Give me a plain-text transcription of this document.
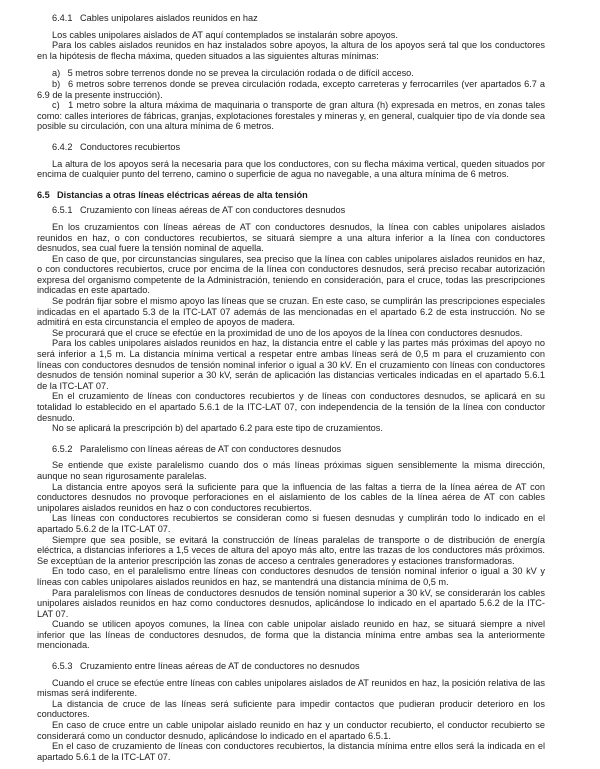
6.4.1 Cables unipolares aislados reunidos en haz

Los cables unipolares aislados de AT aquí contemplados se instalarán sobre apoyos.

Para los cables aislados reunidos en haz instalados sobre apoyos, la altura de los apoyos será tal que los conductores en la hipótesis de flecha máxima, queden situados a las siguientes alturas mínimas:

a) 5 metros sobre terrenos donde no se prevea la circulación rodada o de difícil acceso.

b) 6 metros sobre terrenos donde se prevea circulación rodada, excepto carreteras y ferrocarriles (ver apartados 6.7 a 6.9 de la presente instrucción).

c) 1 metro sobre la altura máxima de maquinaria o transporte de gran altura (h) expresada en metros, en zonas tales como: calles interiores de fábricas, granjas, explotaciones forestales y mineras y, en general, cualquier tipo de vía donde sea posible su circulación, con una altura mínima de 6 metros.

6.4.2 Conductores recubiertos

La altura de los apoyos será la necesaria para que los conductores, con su flecha máxima vertical, queden situados por encima de cualquier punto del terreno, camino o superficie de agua no navegable, a una altura mínima de 6 metros.

6.5 Distancias a otras líneas eléctricas aéreas de alta tensión
6.5.1 Cruzamiento con líneas aéreas de AT con conductores desnudos

En los cruzamientos con líneas aéreas de AT con conductores desnudos, la línea con cables unipolares aislados reunidos en haz, o con conductores recubiertos, se situará siempre a una altura inferior a la línea con conductores desnudos, sea cual fuere la tensión nominal de aquella.

En caso de que, por circunstancias singulares, sea preciso que la línea con cables unipolares aislados reunidos en haz, o con conductores recubiertos, cruce por encima de la línea con conductores desnudos, será preciso recabar autorización expresa del organismo competente de la Administración, teniendo en consideración, para el cruce, todas las prescripciones indicadas en este apartado.

Se podrán fijar sobre el mismo apoyo las líneas que se cruzan. En este caso, se cumplirán las prescripciones especiales indicadas en el apartado 5.3 de la ITC-LAT 07 además de las mencionadas en el apartado 6.2 de esta instrucción. No se admitirá en esta circunstancia el empleo de apoyos de madera.

Se procurará que el cruce se efectúe en la proximidad de uno de los apoyos de la línea con conductores desnudos.

Para los cables unipolares aislados reunidos en haz, la distancia entre el cable y las partes más próximas del apoyo no será inferior a 1,5 m. La distancia mínima vertical a respetar entre ambas líneas será de 0,5 m para el cruzamiento con líneas con conductores desnudos de tensión nominal inferior o igual a 30 kV. En el cruzamiento con líneas con conductores desnudos de tensión nominal superior a 30 kV, serán de aplicación las distancias verticales indicadas en el apartado 5.6.1 de la ITC-LAT 07.

En el cruzamiento de líneas con conductores recubiertos y de líneas con conductores desnudos, se aplicará en su totalidad lo establecido en el apartado 5.6.1 de la ITC-LAT 07, con independencia de la tensión de la línea con conductor desnudo.

No se aplicará la prescripción b) del apartado 6.2 para este tipo de cruzamientos.

6.5.2 Paralelismo con líneas aéreas de AT con conductores desnudos

Se entiende que existe paralelismo cuando dos o más líneas próximas siguen sensiblemente la misma dirección, aunque no sean rigurosamente paralelas.

La distancia entre apoyos será la suficiente para que la influencia de las faltas a tierra de la línea aérea de AT con conductores desnudos no provoque perforaciones en el aislamiento de los cables de la línea aérea de AT con cables unipolares aislados reunidos en haz o con conductores recubiertos.

Las líneas con conductores recubiertos se consideran como si fuesen desnudas y cumplirán todo lo indicado en el apartado 5.6.2 de la ITC-LAT 07.

Siempre que sea posible, se evitará la construcción de líneas paralelas de transporte o de distribución de energía eléctrica, a distancias inferiores a 1,5 veces de altura del apoyo más alto, entre las trazas de los conductores más próximos. Se exceptúan de la anterior prescripción las zonas de acceso a centrales generadores y estaciones transformadoras.

En todo caso, en el paralelismo entre líneas con conductores desnudos de tensión nominal inferior o igual a 30 kV y líneas con cables unipolares aislados reunidos en haz, se mantendrá una distancia mínima de 0,5 m.

Para paralelismos con líneas de conductores desnudos de tensión nominal superior a 30 kV, se considerarán los cables unipolares aislados reunidos en haz como conductores desnudos, aplicándose lo indicado en el apartado 5.6.2 de la ITC-LAT 07.

Cuando se utilicen apoyos comunes, la línea con cable unipolar aislado reunido en haz, se situará siempre a nivel inferior que las líneas de conductores desnudos, de forma que la distancia mínima entre ambas sea la anteriormente mencionada.

6.5.3 Cruzamiento entre líneas aéreas de AT de conductores no desnudos

Cuando el cruce se efectúe entre líneas con cables unipolares aislados de AT reunidos en haz, la posición relativa de las mismas será indiferente.

La distancia de cruce de las líneas será suficiente para impedir contactos que pudieran producir deterioro en los conductores.

En caso de cruce entre un cable unipolar aislado reunido en haz y un conductor recubierto, el conductor recubierto se considerará como un conductor desnudo, aplicándose lo indicado en el apartado 6.5.1.

En el caso de cruzamiento de líneas con conductores recubiertos, la distancia mínima entre ellos será la indicada en el apartado 5.6.1 de la ITC-LAT 07.
